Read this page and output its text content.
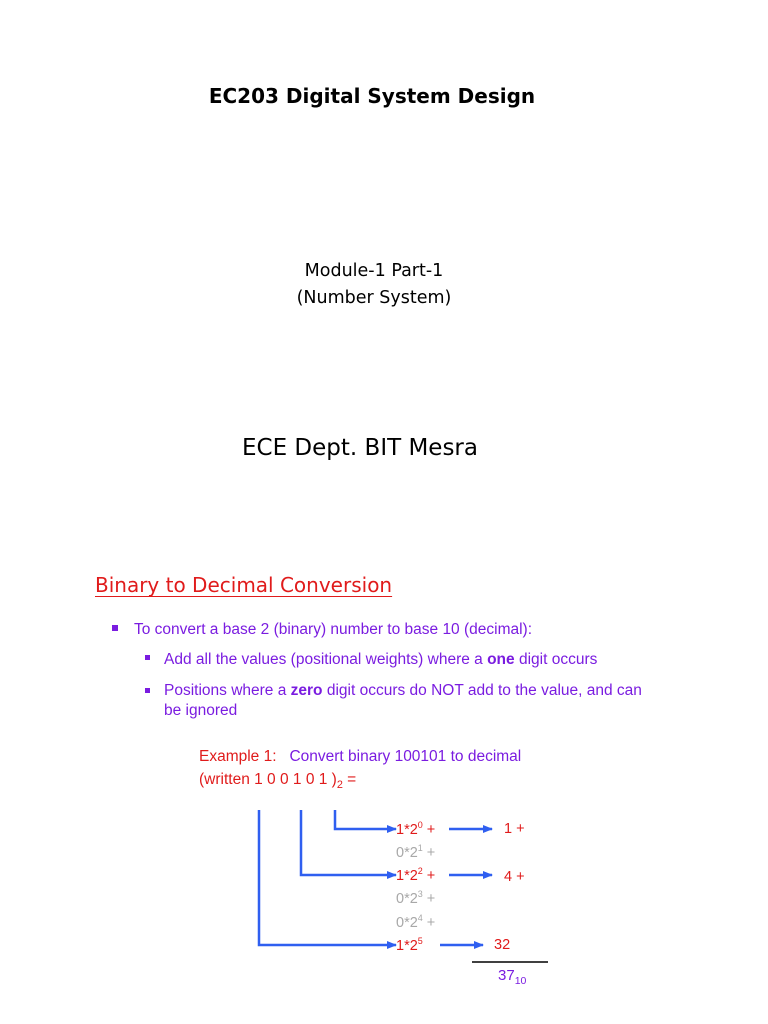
EC203 Digital System Design
Module-1 Part-1
(Number System)
ECE Dept. BIT Mesra
Binary to Decimal Conversion
To convert a base 2 (binary) number to base 10 (decimal):
Add all the values (positional weights) where a one digit occurs
Positions where a zero digit occurs do NOT add to the value, and can be ignored
Example 1: Convert binary 100101 to decimal
(written 1 0 0 1 0 1 )$_2$ =
$1*2^0$ +
$0*2^1$ +
$1*2^2$ +
$0*2^3$ +
$0*2^4$ +
$1*2^5$
1 +
4 +
32
$37_{10}$
